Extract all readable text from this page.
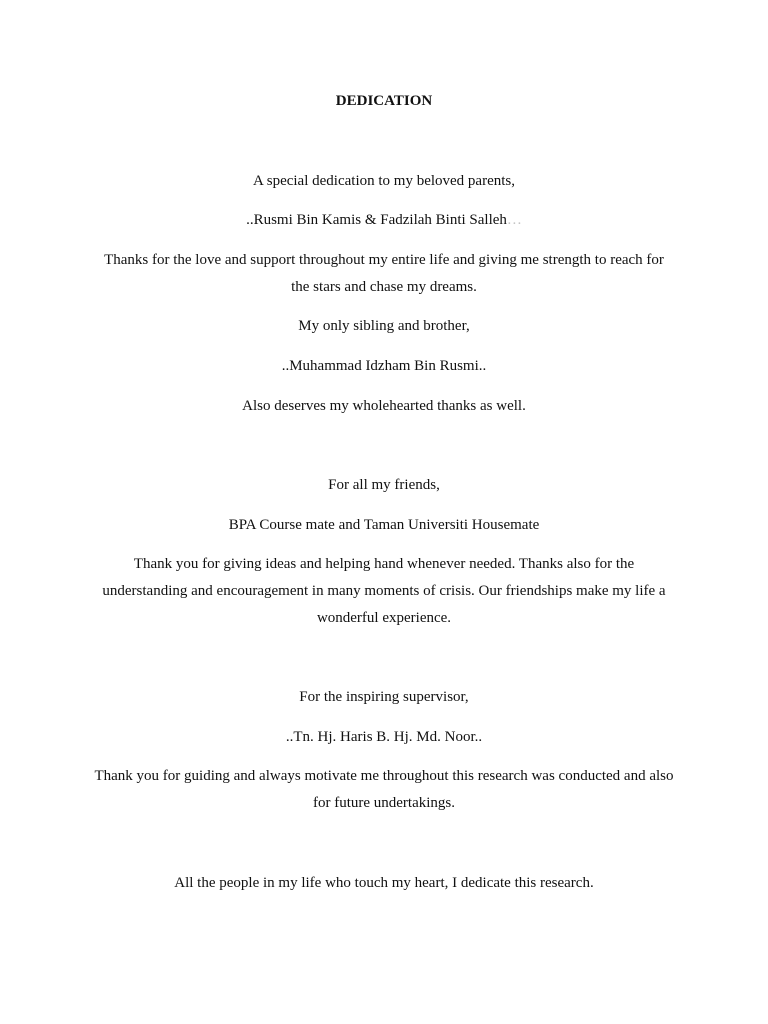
DEDICATION
A special dedication to my beloved parents,
..Rusmi Bin Kamis & Fadzilah Binti Salleh…
Thanks for the love and support throughout my entire life and giving me strength to reach for
the stars and chase my dreams.
My only sibling and brother,
..Muhammad Idzham Bin Rusmi..
Also deserves my wholehearted thanks as well.
For all my friends,
BPA Course mate and Taman Universiti Housemate
Thank you for giving ideas and helping hand whenever needed. Thanks also for the
understanding and encouragement in many moments of crisis. Our friendships make my life a
wonderful experience.
For the inspiring supervisor,
..Tn. Hj. Haris B. Hj. Md. Noor..
Thank you for guiding and always motivate me throughout this research was conducted and also
for future undertakings.
All the people in my life who touch my heart, I dedicate this research.
